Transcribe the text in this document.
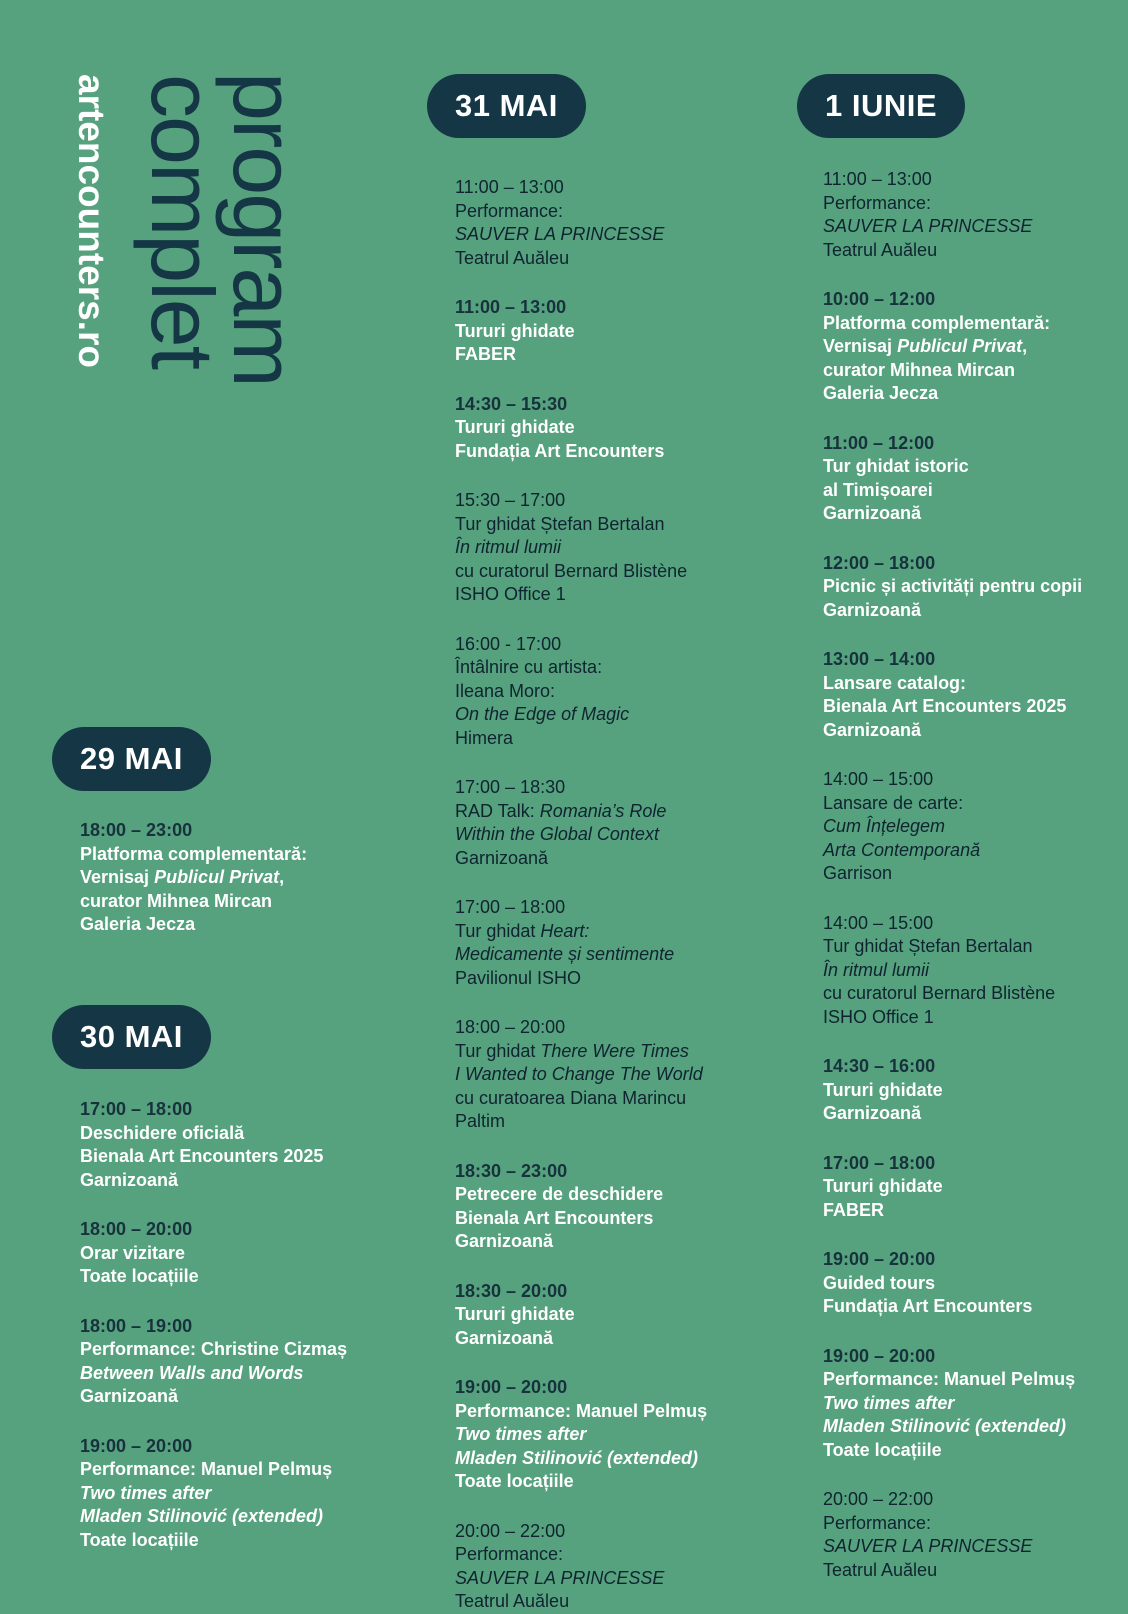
program
complet
artencounters.ro
29 MAI
18:00 – 23:00
Platforma complementară:
Vernisaj Publicul Privat,
curator Mihnea Mircan
Galeria Jecza
30 MAI
17:00 – 18:00
Deschidere oficială
Bienala Art Encounters 2025
Garnizoană
18:00 – 20:00
Orar vizitare
Toate locațiile
18:00 – 19:00
Performance: Christine Cizmaș
Between Walls and Words
Garnizoană
19:00 – 20:00
Performance: Manuel Pelmuș
Two times after
Mladen Stilinović (extended)
Toate locațiile
31 MAI
11:00 – 13:00
Performance:
SAUVER LA PRINCESSE
Teatrul Auăleu
11:00 – 13:00
Tururi ghidate
FABER
14:30 – 15:30
Tururi ghidate
Fundația Art Encounters
15:30 – 17:00
Tur ghidat Ștefan Bertalan
În ritmul lumii
cu curatorul Bernard Blistène
ISHO Office 1
16:00 - 17:00
Întâlnire cu artista:
Ileana Moro:
On the Edge of Magic
Himera
17:00 – 18:30
RAD Talk: Romania’s Role
Within the Global Context
Garnizoană
17:00 – 18:00
Tur ghidat Heart:
Medicamente și sentimente
Pavilionul ISHO
18:00 – 20:00
Tur ghidat There Were Times
I Wanted to Change The World
cu curatoarea Diana Marincu
Paltim
18:30 – 23:00
Petrecere de deschidere
Bienala Art Encounters
Garnizoană
18:30 – 20:00
Tururi ghidate
Garnizoană
19:00 – 20:00
Performance: Manuel Pelmuș
Two times after
Mladen Stilinović (extended)
Toate locațiile
20:00 – 22:00
Performance:
SAUVER LA PRINCESSE
Teatrul Auăleu
1 IUNIE
11:00 – 13:00
Performance:
SAUVER LA PRINCESSE
Teatrul Auăleu
10:00 – 12:00
Platforma complementară:
Vernisaj Publicul Privat,
curator Mihnea Mircan
Galeria Jecza
11:00 – 12:00
Tur ghidat istoric
al Timișoarei
Garnizoană
12:00 – 18:00
Picnic și activități pentru copii
Garnizoană
13:00 – 14:00
Lansare catalog:
Bienala Art Encounters 2025
Garnizoană
14:00 – 15:00
Lansare de carte:
Cum Înțelegem
Arta Contemporană
Garrison
14:00 – 15:00
Tur ghidat Ștefan Bertalan
În ritmul lumii
cu curatorul Bernard Blistène
ISHO Office 1
14:30 – 16:00
Tururi ghidate
Garnizoană
17:00 – 18:00
Tururi ghidate
FABER
19:00 – 20:00
Guided tours
Fundația Art Encounters
19:00 – 20:00
Performance: Manuel Pelmuș
Two times after
Mladen Stilinović (extended)
Toate locațiile
20:00 – 22:00
Performance:
SAUVER LA PRINCESSE
Teatrul Auăleu
